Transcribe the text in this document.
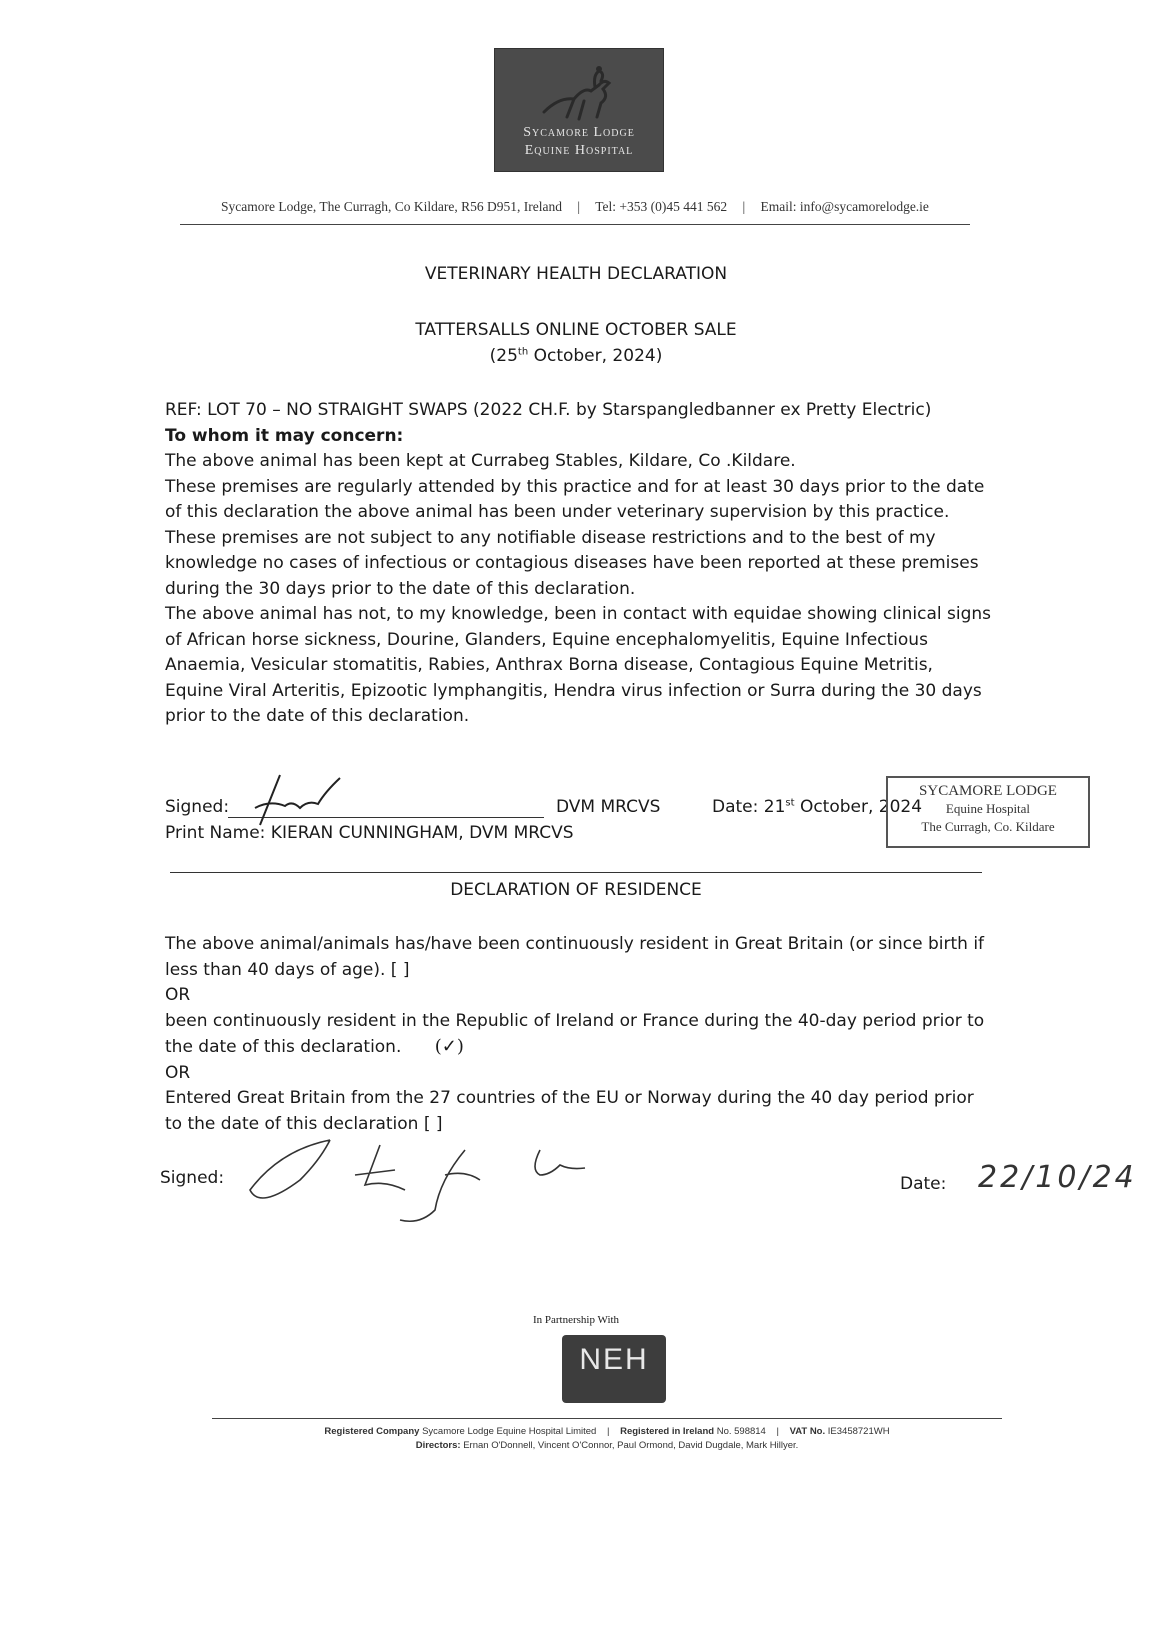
Sycamore Lodge
Equine Hospital
Sycamore Lodge, The Curragh, Co Kildare, R56 D951, Ireland | Tel: +353 (0)45 441 562 | Email: info@sycamorelodge.ie
VETERINARY HEALTH DECLARATION
TATTERSALLS ONLINE OCTOBER SALE
(25th October, 2024)

REF: LOT 70 – NO STRAIGHT SWAPS (2022 CH.F. by Starspangledbanner ex Pretty Electric)

To whom it may concern:

The above animal has been kept at Currabeg Stables, Kildare, Co .Kildare.

These premises are regularly attended by this practice and for at least 30 days prior to the date of this declaration the above animal has been under veterinary supervision by this practice.

These premises are not subject to any notifiable disease restrictions and to the best of my knowledge no cases of infectious or contagious diseases have been reported at these premises during the 30 days prior to the date of this declaration.

The above animal has not, to my knowledge, been in contact with equidae showing clinical signs of African horse sickness, Dourine, Glanders, Equine encephalomyelitis, Equine Infectious Anaemia, Vesicular stomatitis, Rabies, Anthrax Borna disease, Contagious Equine Metritis, Equine Viral Arteritis, Epizootic lymphangitis, Hendra virus infection or Surra during the 30 days prior to the date of this declaration.

Signed:	DVM MRCVS	Date: 21st October, 2024
Print Name: KIERAN CUNNINGHAM, DVM MRCVS
SYCAMORE LODGE
Equine Hospital
The Curragh, Co. Kildare
DECLARATION OF RESIDENCE

The above animal/animals has/have been continuously resident in Great Britain (or since birth if less than 40 days of age). [ ]

OR

been continuously resident in the Republic of Ireland or France during the 40-day period prior to the date of this declaration. (✓)

OR

Entered Great Britain from the 27 countries of the EU or Norway during the 40 day period prior to the date of this declaration [ ]

Signed:	Date: 22/10/24
In Partnership With
NEH
Registered Company Sycamore Lodge Equine Hospital Limited | Registered in Ireland No. 598814 | VAT No. IE3458721WH
Directors: Ernan O'Donnell, Vincent O'Connor, Paul Ormond, David Dugdale, Mark Hillyer.
